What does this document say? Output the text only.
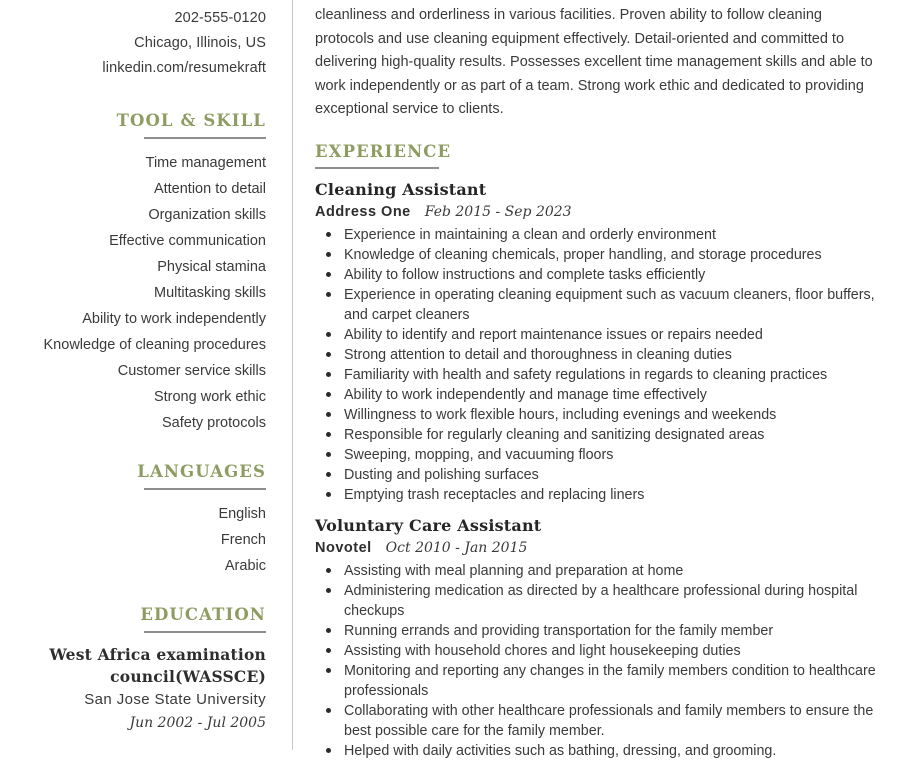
202-555-0120
Chicago, Illinois, US
linkedin.com/resumekraft
TOOL & SKILL
Time management
Attention to detail
Organization skills
Effective communication
Physical stamina
Multitasking skills
Ability to work independently
Knowledge of cleaning procedures
Customer service skills
Strong work ethic
Safety protocols
LANGUAGES
English
French
Arabic
EDUCATION
West Africa examination council(WASSCE)
San Jose State University
Jun 2002 - Jul 2005

cleanliness and orderliness in various facilities. Proven ability to follow cleaning protocols and use cleaning equipment effectively. Detail-oriented and committed to delivering high-quality results. Possesses excellent time management skills and able to work independently or as part of a team. Strong work ethic and dedicated to providing exceptional service to clients.

EXPERIENCE
Cleaning Assistant
Address One Feb 2015 - Sep 2023
Experience in maintaining a clean and orderly environment
Knowledge of cleaning chemicals, proper handling, and storage procedures
Ability to follow instructions and complete tasks efficiently
Experience in operating cleaning equipment such as vacuum cleaners, floor buffers, and carpet cleaners
Ability to identify and report maintenance issues or repairs needed
Strong attention to detail and thoroughness in cleaning duties
Familiarity with health and safety regulations in regards to cleaning practices
Ability to work independently and manage time effectively
Willingness to work flexible hours, including evenings and weekends
Responsible for regularly cleaning and sanitizing designated areas
Sweeping, mopping, and vacuuming floors
Dusting and polishing surfaces
Emptying trash receptacles and replacing liners
Voluntary Care Assistant
Novotel Oct 2010 - Jan 2015
Assisting with meal planning and preparation at home
Administering medication as directed by a healthcare professional during hospital checkups
Running errands and providing transportation for the family member
Assisting with household chores and light housekeeping duties
Monitoring and reporting any changes in the family members condition to healthcare professionals
Collaborating with other healthcare professionals and family members to ensure the best possible care for the family member.
Helped with daily activities such as bathing, dressing, and grooming.
